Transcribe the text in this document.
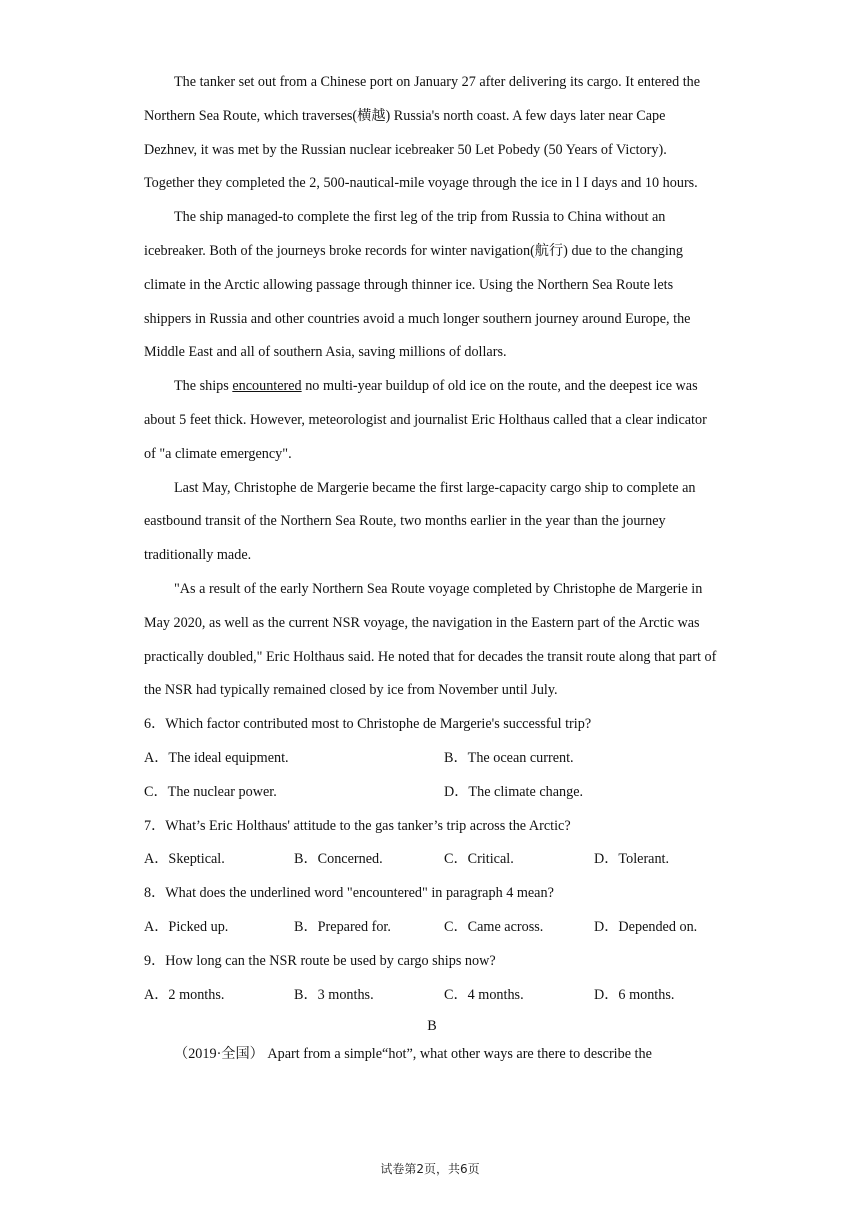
The tanker set out from a Chinese port on January 27 after delivering its cargo. It entered the Northern Sea Route, which traverses(横越) Russia's north coast. A few days later near Cape Dezhnev, it was met by the Russian nuclear icebreaker 50 Let Pobedy (50 Years of Victory). Together they completed the 2, 500-nautical-mile voyage through the ice in l I days and 10 hours.

The ship managed-to complete the first leg of the trip from Russia to China without an icebreaker. Both of the journeys broke records for winter navigation(航行) due to the changing climate in the Arctic allowing passage through thinner ice. Using the Northern Sea Route lets shippers in Russia and other countries avoid a much longer southern journey around Europe, the Middle East and all of southern Asia, saving millions of dollars.

The ships encountered no multi-year buildup of old ice on the route, and the deepest ice was about 5 feet thick. However, meteorologist and journalist Eric Holthaus called that a clear indicator of "a climate emergency".

Last May, Christophe de Margerie became the first large-capacity cargo ship to complete an eastbound transit of the Northern Sea Route, two months earlier in the year than the journey traditionally made.

"As a result of the early Northern Sea Route voyage completed by Christophe de Margerie in May 2020, as well as the current NSR voyage, the navigation in the Eastern part of the Arctic was practically doubled," Eric Holthaus said. He noted that for decades the transit route along that part of the NSR had typically remained closed by ice from November until July.

6．Which factor contributed most to Christophe de Margerie's successful trip?

A．The ideal equipment.	B．The ocean current.
C．The nuclear power.	D．The climate change.

7．What’s Eric Holthaus' attitude to the gas tanker’s trip across the Arctic?

A．Skeptical.	B．Concerned.	C．Critical.	D．Tolerant.

8．What does the underlined word "encountered" in paragraph 4 mean?

A．Picked up.	B．Prepared for.	C．Came across.	D．Depended on.

9．How long can the NSR route be used by cargo ships now?

A．2 months.	B．3 months.	C．4 months.	D．6 months.

B

（2019·全国） Apart from a simple“hot”, what other ways are there to describe the

试卷第2页，共6页
